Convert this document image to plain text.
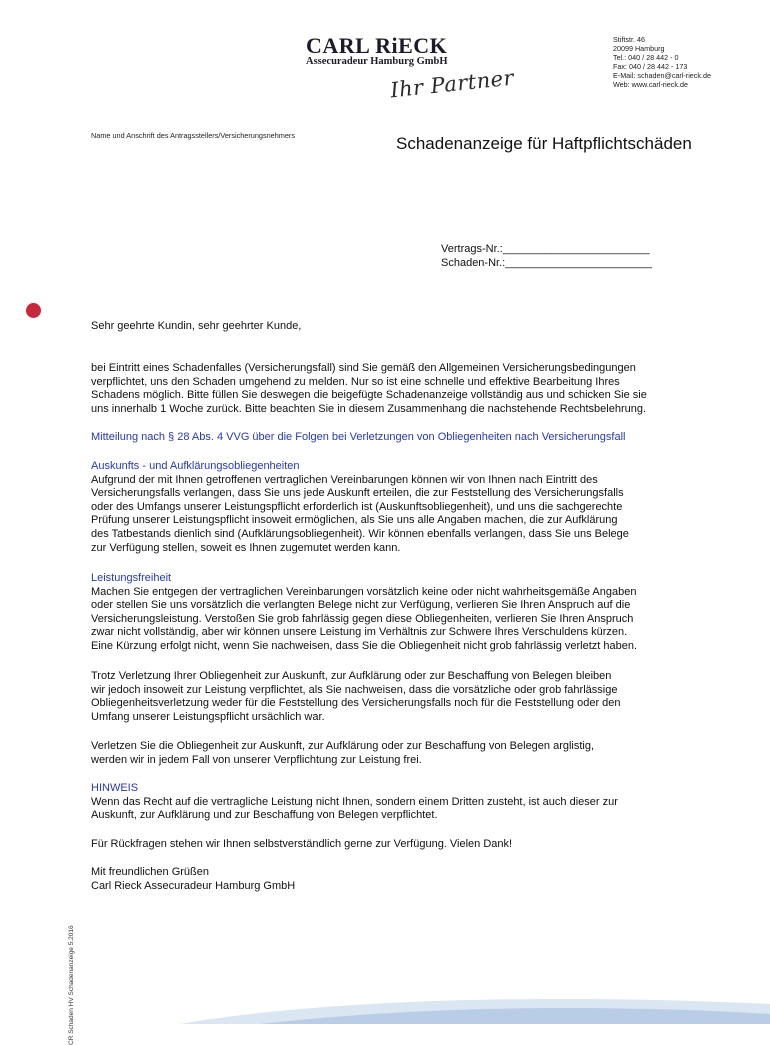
CARL RiECK
Assecuradeur Hamburg GmbH
Ihr Partner
Stiftstr. 46
20099 Hamburg
Tel.: 040 / 28 442 - 0
Fax: 040 / 28 442 - 173
E-Mail: schaden@carl-rieck.de
Web: www.carl-rieck.de
Name und Anschrift des Antragsstellers/Versicherungsnehmers	Schadenanzeige für Haftpflichtschäden
Vertrags-Nr.:________________________
Schaden-Nr.:________________________
Sehr geehrte Kundin, sehr geehrter Kunde,
bei Eintritt eines Schadenfalles (Versicherungsfall) sind Sie gemäß den Allgemeinen Versicherungsbedingungen
verpflichtet, uns den Schaden umgehend zu melden. Nur so ist eine schnelle und effektive Bearbeitung Ihres
Schadens möglich. Bitte füllen Sie deswegen die beigefügte Schadenanzeige vollständig aus und schicken Sie sie
uns innerhalb 1 Woche zurück. Bitte beachten Sie in diesem Zusammenhang die nachstehende Rechtsbelehrung.
Mitteilung nach § 28 Abs. 4 VVG über die Folgen bei Verletzungen von Obliegenheiten nach Versicherungsfall
Auskunfts - und Aufklärungsobliegenheiten
Aufgrund der mit Ihnen getroffenen vertraglichen Vereinbarungen können wir von Ihnen nach Eintritt des
Versicherungsfalls verlangen, dass Sie uns jede Auskunft erteilen, die zur Feststellung des Versicherungsfalls
oder des Umfangs unserer Leistungspflicht erforderlich ist (Auskunftsobliegenheit), und uns die sachgerechte
Prüfung unserer Leistungspflicht insoweit ermöglichen, als Sie uns alle Angaben machen, die zur Aufklärung
des Tatbestands dienlich sind (Aufklärungsobliegenheit). Wir können ebenfalls verlangen, dass Sie uns Belege
zur Verfügung stellen, soweit es Ihnen zugemutet werden kann.
Leistungsfreiheit
Machen Sie entgegen der vertraglichen Vereinbarungen vorsätzlich keine oder nicht wahrheitsgemäße Angaben
oder stellen Sie uns vorsätzlich die verlangten Belege nicht zur Verfügung, verlieren Sie Ihren Anspruch auf die
Versicherungsleistung. Verstoßen Sie grob fahrlässig gegen diese Obliegenheiten, verlieren Sie Ihren Anspruch
zwar nicht vollständig, aber wir können unsere Leistung im Verhältnis zur Schwere Ihres Verschuldens kürzen.
Eine Kürzung erfolgt nicht, wenn Sie nachweisen, dass Sie die Obliegenheit nicht grob fahrlässig verletzt haben.
Trotz Verletzung Ihrer Obliegenheit zur Auskunft, zur Aufklärung oder zur Beschaffung von Belegen bleiben
wir jedoch insoweit zur Leistung verpflichtet, als Sie nachweisen, dass die vorsätzliche oder grob fahrlässige
Obliegenheitsverletzung weder für die Feststellung des Versicherungsfalls noch für die Feststellung oder den
Umfang unserer Leistungspflicht ursächlich war.
Verletzen Sie die Obliegenheit zur Auskunft, zur Aufklärung oder zur Beschaffung von Belegen arglistig,
werden wir in jedem Fall von unserer Verpflichtung zur Leistung frei.
HINWEIS
Wenn das Recht auf die vertragliche Leistung nicht Ihnen, sondern einem Dritten zusteht, ist auch dieser zur
Auskunft, zur Aufklärung und zur Beschaffung von Belegen verpflichtet.
Für Rückfragen stehen wir Ihnen selbstverständlich gerne zur Verfügung. Vielen Dank!
Mit freundlichen Grüßen
Carl Rieck Assecuradeur Hamburg GmbH
CR Schaden HV Schadenanzeige 5.2016
